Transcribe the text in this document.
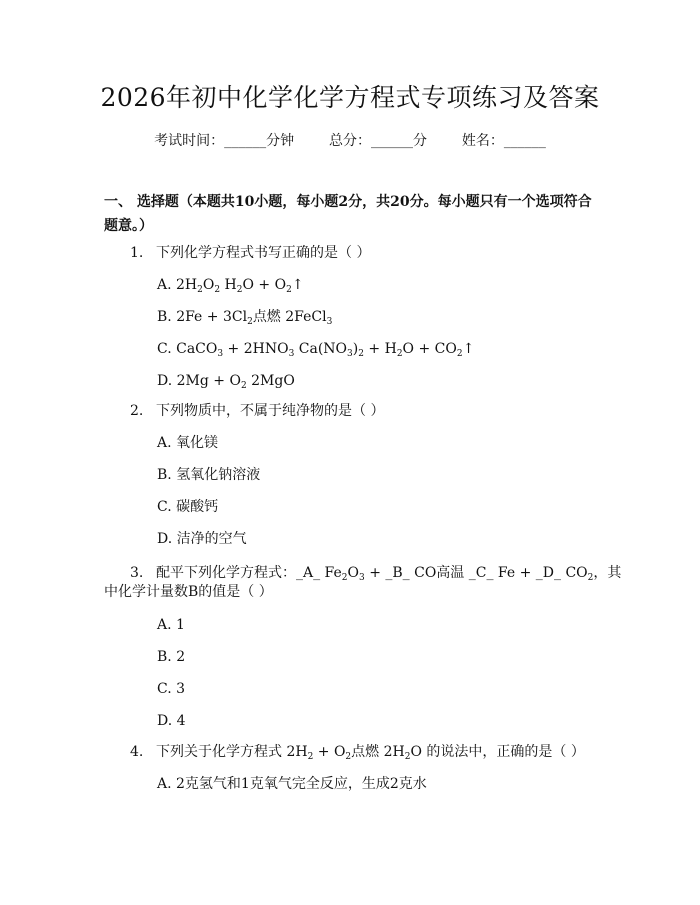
2026年初中化学化学方程式专项练习及答案
考试时间：______分钟 总分：______分 姓名：______
一、 选择题（本题共10小题，每小题2分，共20分。每小题只有一个选项符合题意。）
1. 下列化学方程式书写正确的是（ ）
A. $2H_2O_2$ $H_2O$ + $O_2↑$
B. $2Fe + 3Cl_2$点燃 2FeCl$_3$
C. CaCO$_3$ + $2HNO_3$ $Ca(NO_3)_2 + H_2O$ + $CO_2↑$
D. $2Mg + O_2$ 2MgO
2. 下列物质中，不属于纯净物的是（ ）
A. 氧化镁
B. 氢氧化钠溶液
C. 碳酸钙
D. 洁净的空气
3. 配平下列化学方程式：_A_ $Fe_2O_3$ + _B_ CO高温 _C_ Fe + _D_ $CO_2$，其
中化学计量数B的值是（ ）
A. 1
B. 2
C. 3
D. 4
4. 下列关于化学方程式 $2H_2 + O_2$点燃 $2H_2O$ 的说法中，正确的是（ ）
A. 2克氢气和1克氧气完全反应，生成2克水
